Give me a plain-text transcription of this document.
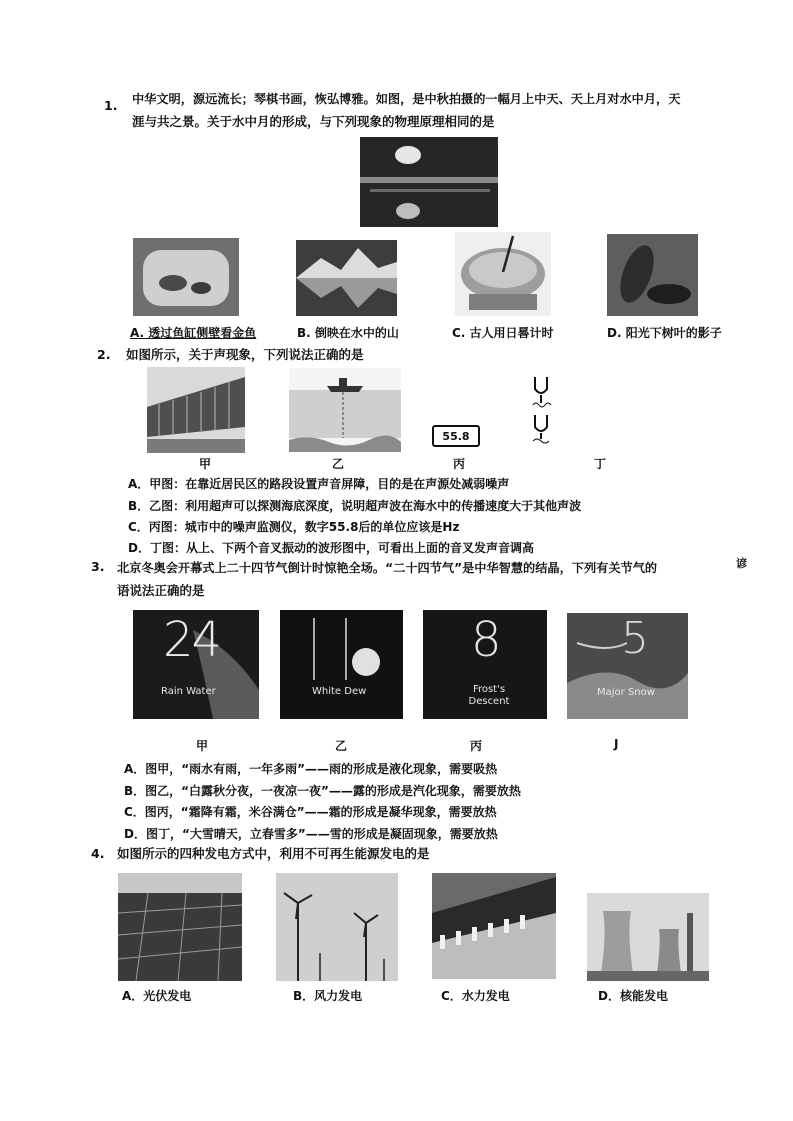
1. 中华文明，源远流长；琴棋书画，恢弘博雅。如图，是中秋拍摄的一幅月上中天、天上月对水中月，天
涯与共之景。关于水中月的形成，与下列现象的物理原理相同的是
A. 透过鱼缸侧壁看金鱼	B. 倒映在水中的山	C. 古人用日晷计时	D. 阳光下树叶的影子
2. 如图所示，关于声现象，下列说法正确的是
55.8
甲	乙	丙	丁
A．甲图：在靠近居民区的路段设置声音屏障，目的是在声源处减弱噪声
B．乙图：利用超声可以探测海底深度，说明超声波在海水中的传播速度大于其他声波
C．丙图：城市中的噪声监测仪，数字55.8后的单位应该是Hz
D．丁图：从上、下两个音叉振动的波形图中，可看出上面的音叉发声音调高
3. 北京冬奥会开幕式上二十四节气倒计时惊艳全场。“二十四节气”是中华智慧的结晶，下列有关节气的	谚
语说法正确的是
24
Rain Water	White Dew
8
Frost's Descent
5
Major Snow
甲	乙	丙	J
A．图甲，“雨水有雨，一年多雨”——雨的形成是液化现象，需要吸热
B．图乙，“白露秋分夜，一夜凉一夜”——露的形成是汽化现象，需要放热
C．图丙，“霜降有霜，米谷满仓”——霜的形成是凝华现象，需要放热
D．图丁，“大雪晴天，立春雪多”——雪的形成是凝固现象，需要放热
4. 如图所示的四种发电方式中，利用不可再生能源发电的是
A．光伏发电	B．风力发电	C．水力发电	D．核能发电
